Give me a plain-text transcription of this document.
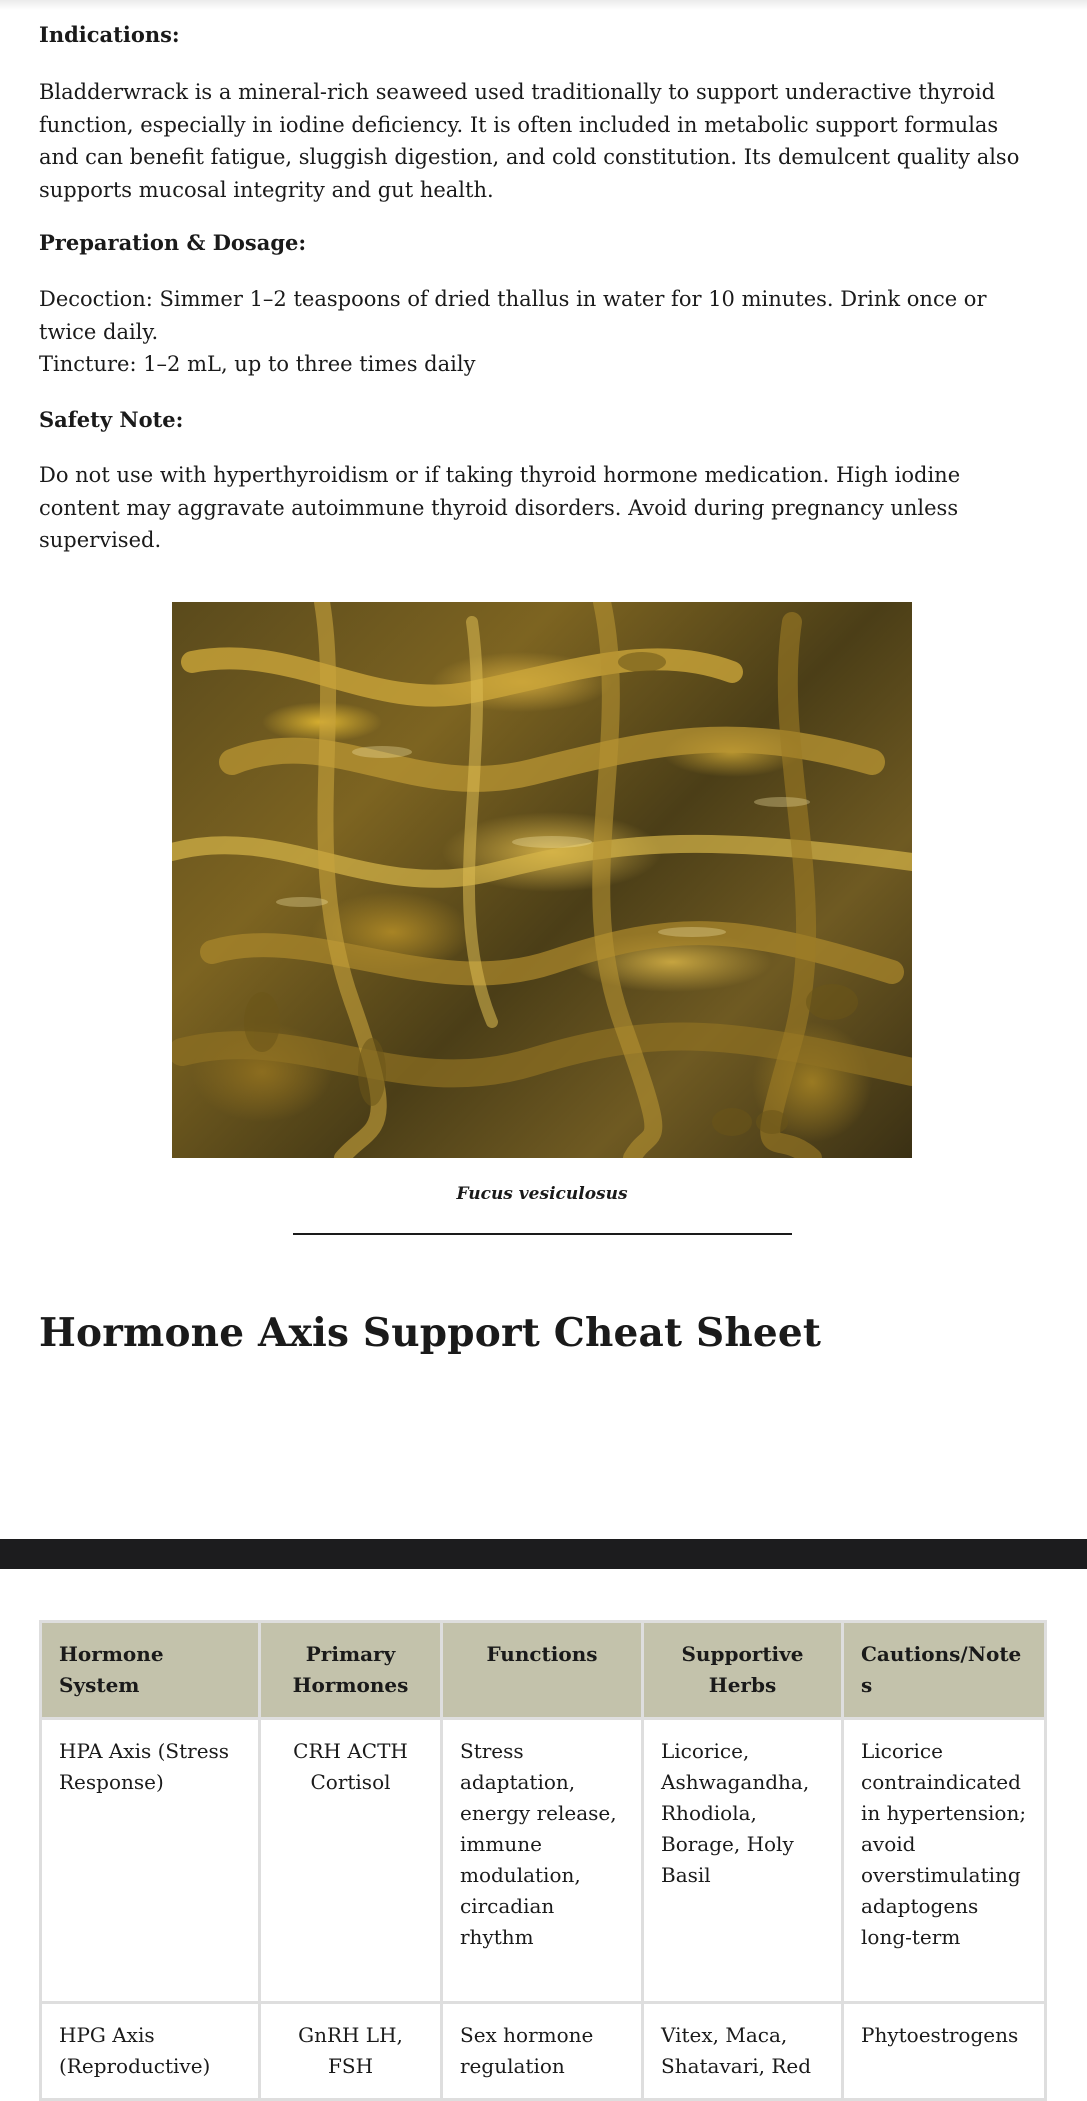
Indications:

Bladderwrack is a mineral-rich seaweed used traditionally to support underactive thyroid function, especially in iodine deficiency. It is often included in metabolic support formulas and can benefit fatigue, sluggish digestion, and cold constitution. Its demulcent quality also supports mucosal integrity and gut health.

Preparation & Dosage:

Decoction: Simmer 1–2 teaspoons of dried thallus in water for 10 minutes. Drink once or twice daily.
Tincture: 1–2 mL, up to three times daily

Safety Note:

Do not use with hyperthyroidism or if taking thyroid hormone medication. High iodine content may aggravate autoimmune thyroid disorders. Avoid during pregnancy unless supervised.

Fucus vesiculosus

Hormone Axis Support Cheat Sheet
Hormone System	Primary Hormones	Functions	Supportive Herbs	Cautions/Notes
HPA Axis (Stress Response)	CRH ACTH Cortisol	Stress adaptation, energy release, immune modulation, circadian rhythm	Licorice, Ashwagandha, Rhodiola, Borage, Holy Basil	Licorice contraindicated in hypertension; avoid overstimulating adaptogens long-term
HPG Axis (Reproductive)	GnRH LH, FSH	Sex hormone regulation	Vitex, Maca, Shatavari, Red	Phytoestrogens
